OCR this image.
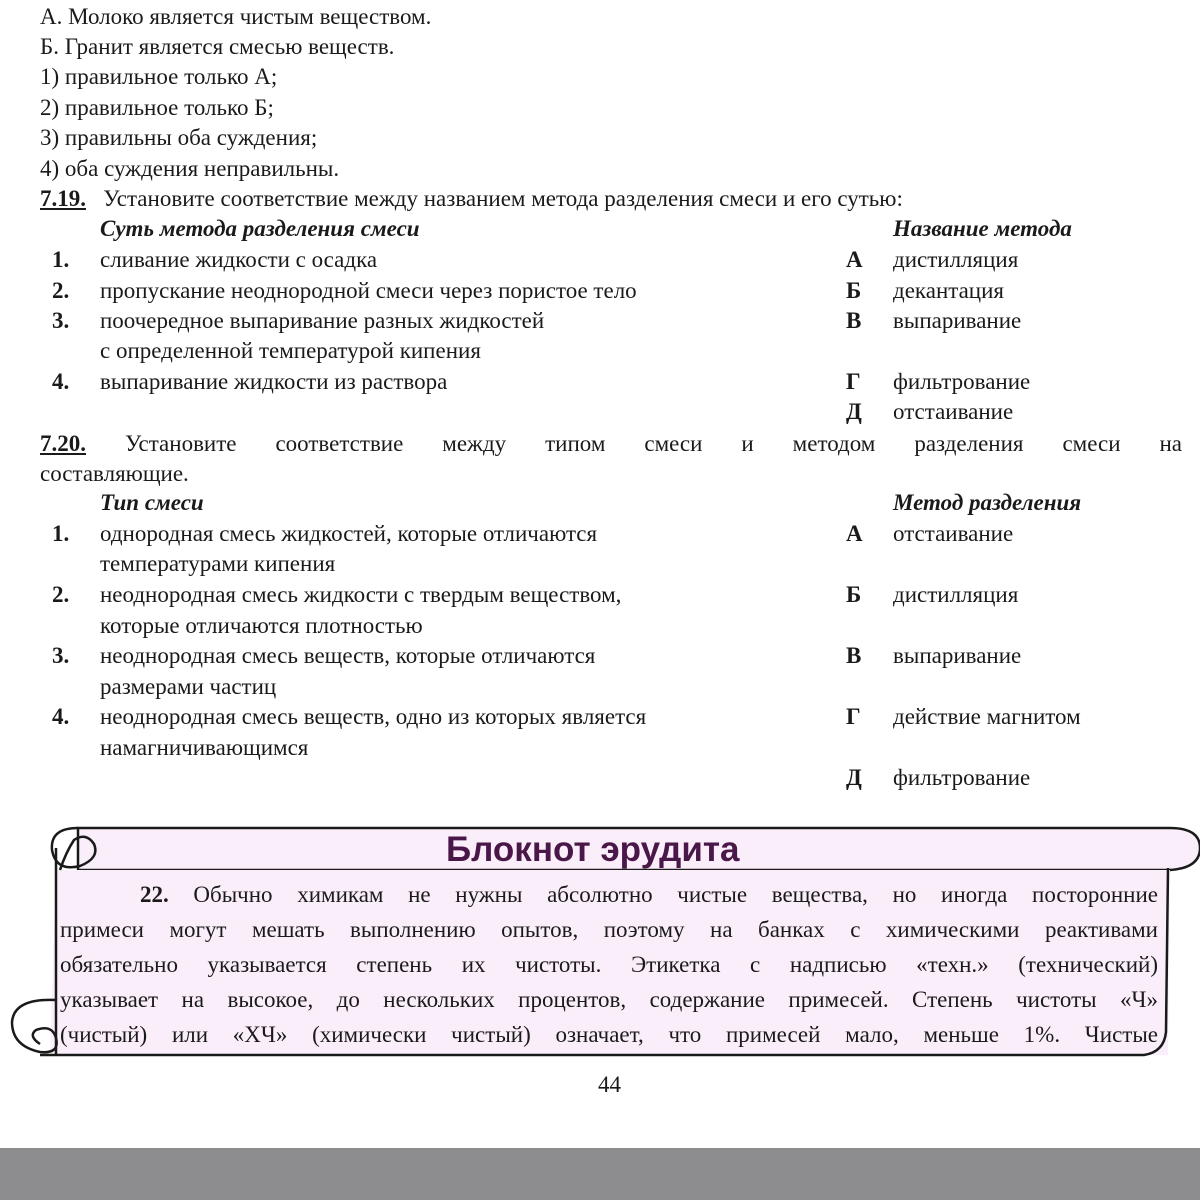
А. Молоко является чистым веществом.
Б. Гранит является смесью веществ.
1) правильное только А;
2) правильное только Б;
3) правильны оба суждения;
4) оба суждения неправильны.
7.19. Установите соответствие между названием метода разделения смеси и его сутью:
Суть метода разделения смеси	Название метода
1. сливание жидкости с осадка
2. пропускание неоднородной смеси через пористое тело
3. поочередное выпаривание разных жидкостей
с определенной температурой кипения
4. выпаривание жидкости из раствора
А дистилляция
Б декантация
В выпаривание
Г фильтрование
Д отстаивание
7.20. Установите соответствие между типом смеси и методом разделения смеси на
составляющие.
Тип смеси	Метод разделения
1. однородная смесь жидкостей, которые отличаются
температурами кипения
2. неоднородная смесь жидкости с твердым веществом,
которые отличаются плотностью
3. неоднородная смесь веществ, которые отличаются
размерами частиц
4. неоднородная смесь веществ, одно из которых является
намагничивающимся
А отстаивание
Б дистилляция
В выпаривание
Г действие магнитом
Д фильтрование
Блокнот эрудита
22. Обычно химикам не нужны абсолютно чистые вещества, но иногда посторонние
примеси могут мешать выполнению опытов, поэтому на банках с химическими реактивами
обязательно указывается степень их чистоты. Этикетка с надписью «техн.» (технический)
указывает на высокое, до нескольких процентов, содержание примесей. Степень чистоты «Ч»
(чистый) или «ХЧ» (химически чистый) означает, что примесей мало, меньше 1%. Чистые
44
